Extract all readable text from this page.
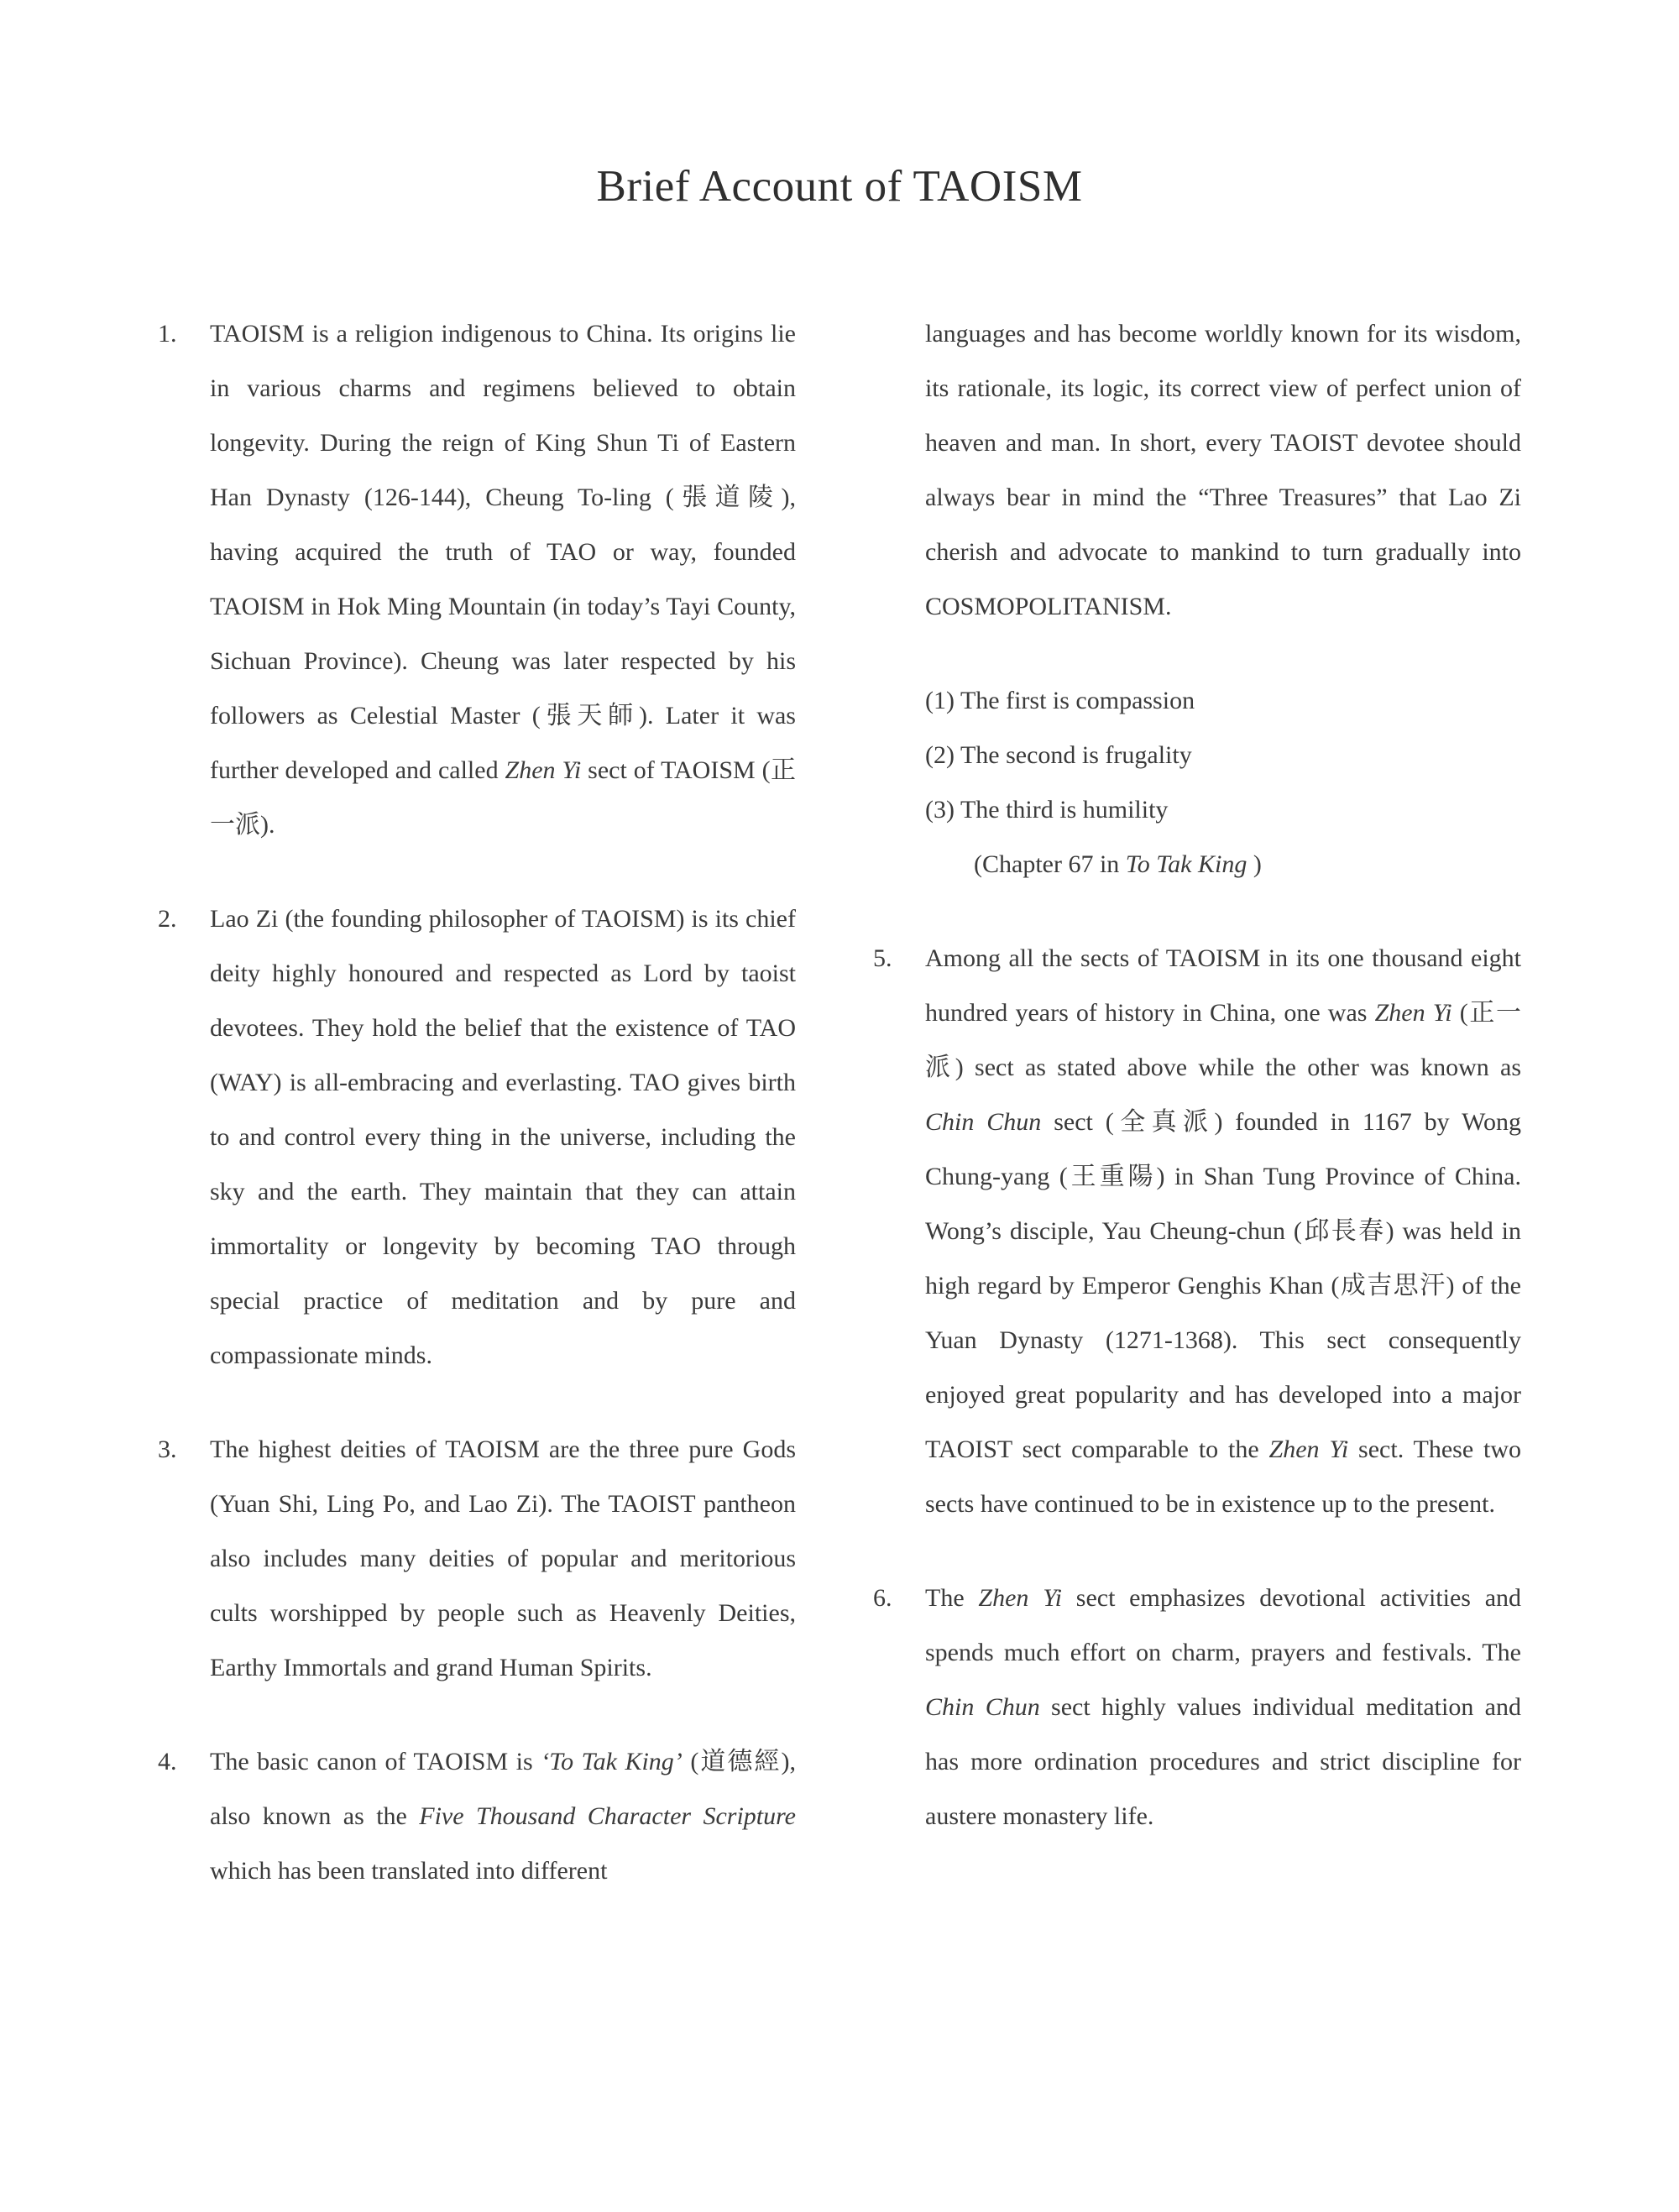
Brief Account of TAOISM
1.	TAOISM is a religion indigenous to China. Its origins lie in various charms and regimens believed to obtain longevity. During the reign of King Shun Ti of Eastern Han Dynasty (126-144), Cheung To-ling (張道陵), having acquired the truth of TAO or way, founded TAOISM in Hok Ming Mountain (in today’s Tayi County, Sichuan Province). Cheung was later respected by his followers as Celestial Master (張天師). Later it was further developed and called Zhen Yi sect of TAOISM (正一派).
2.	Lao Zi (the founding philosopher of TAOISM) is its chief deity highly honoured and respected as Lord by taoist devotees. They hold the belief that the existence of TAO (WAY) is all-embracing and everlasting. TAO gives birth to and control every thing in the universe, including the sky and the earth. They maintain that they can attain immortality or longevity by becoming TAO through special practice of meditation and by pure and compassionate minds.
3.	The highest deities of TAOISM are the three pure Gods (Yuan Shi, Ling Po, and Lao Zi). The TAOIST pantheon also includes many deities of popular and meritorious cults worshipped by people such as Heavenly Deities, Earthy Immortals and grand Human Spirits.
4.	The basic canon of TAOISM is ‘To Tak King’ (道德經), also known as the Five Thousand Character Scripture which has been translated into different
languages and has become worldly known for its wisdom, its rationale, its logic, its correct view of perfect union of heaven and man. In short, every TAOIST devotee should always bear in mind the “Three Treasures” that Lao Zi cherish and advocate to mankind to turn gradually into COSMOPOLITANISM.
(1) The first is compassion
(2) The second is frugality
(3) The third is humility
(Chapter 67 in To Tak King )
5.	Among all the sects of TAOISM in its one thousand eight hundred years of history in China, one was Zhen Yi (正一派) sect as stated above while the other was known as Chin Chun sect (全真派) founded in 1167 by Wong Chung-yang (王重陽) in Shan Tung Province of China. Wong’s disciple, Yau Cheung-chun (邱長春) was held in high regard by Emperor Genghis Khan (成吉思汗) of the Yuan Dynasty (1271-1368). This sect consequently enjoyed great popularity and has developed into a major TAOIST sect comparable to the Zhen Yi sect. These two sects have continued to be in existence up to the present.
6.	The Zhen Yi sect emphasizes devotional activities and spends much effort on charm, prayers and festivals. The Chin Chun sect highly values individual meditation and has more ordination procedures and strict discipline for austere monastery life.
